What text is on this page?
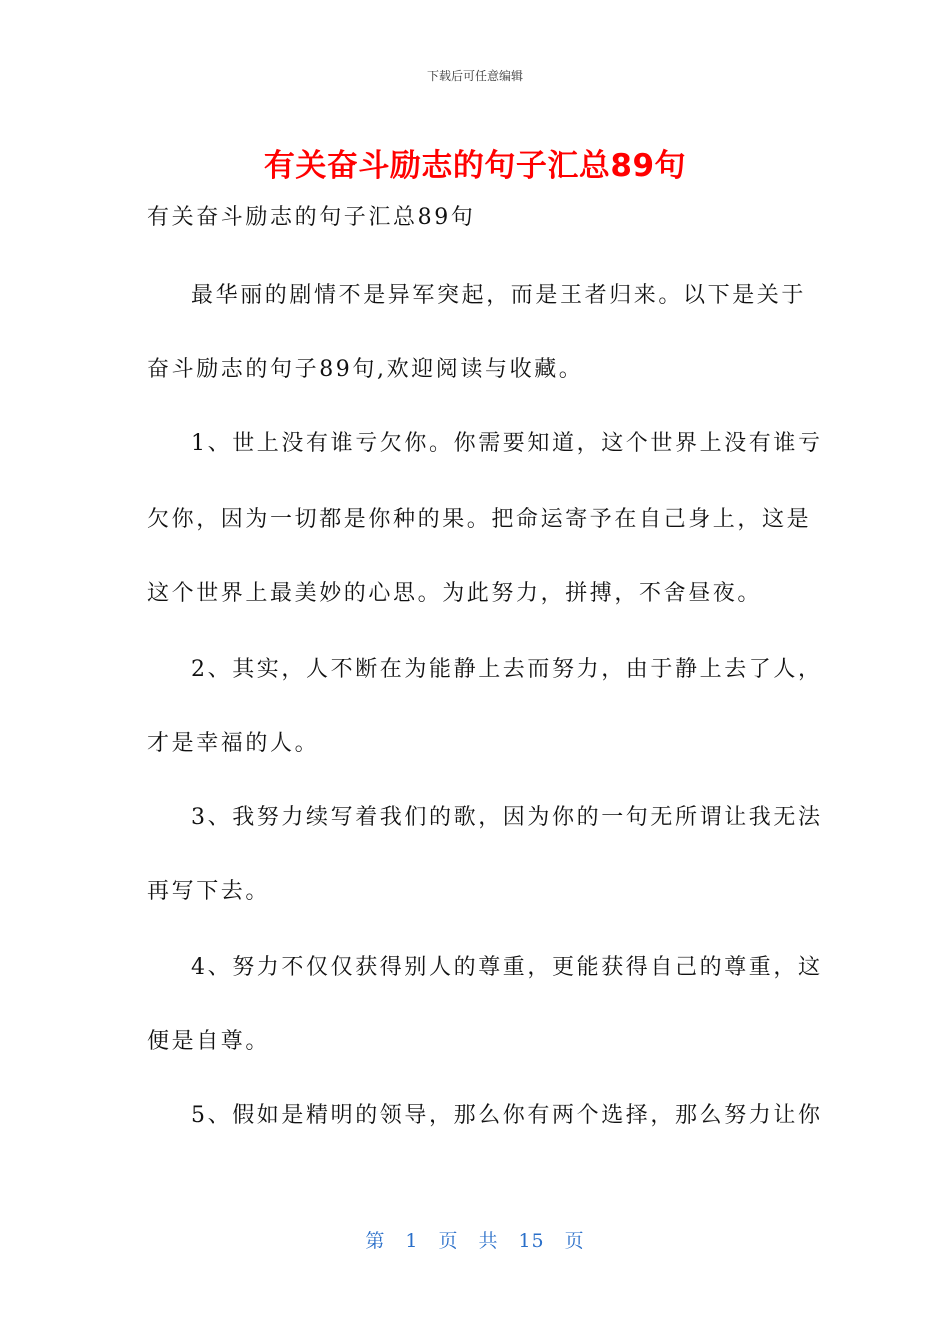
下载后可任意编辑
有关奋斗励志的句子汇总89句
有关奋斗励志的句子汇总89句
最华丽的剧情不是异军突起，而是王者归来。以下是关于
奋斗励志的句子89句,欢迎阅读与收藏。
1、世上没有谁亏欠你。你需要知道，这个世界上没有谁亏
欠你，因为一切都是你种的果。把命运寄予在自己身上，这是
这个世界上最美妙的心思。为此努力，拼搏，不舍昼夜。
2、其实，人不断在为能静上去而努力，由于静上去了人，
才是幸福的人。
3、我努力续写着我们的歌，因为你的一句无所谓让我无法
再写下去。
4、努力不仅仅获得别人的尊重，更能获得自己的尊重，这
便是自尊。
5、假如是精明的领导，那么你有两个选择，那么努力让你
第　1　页　共　15　页
